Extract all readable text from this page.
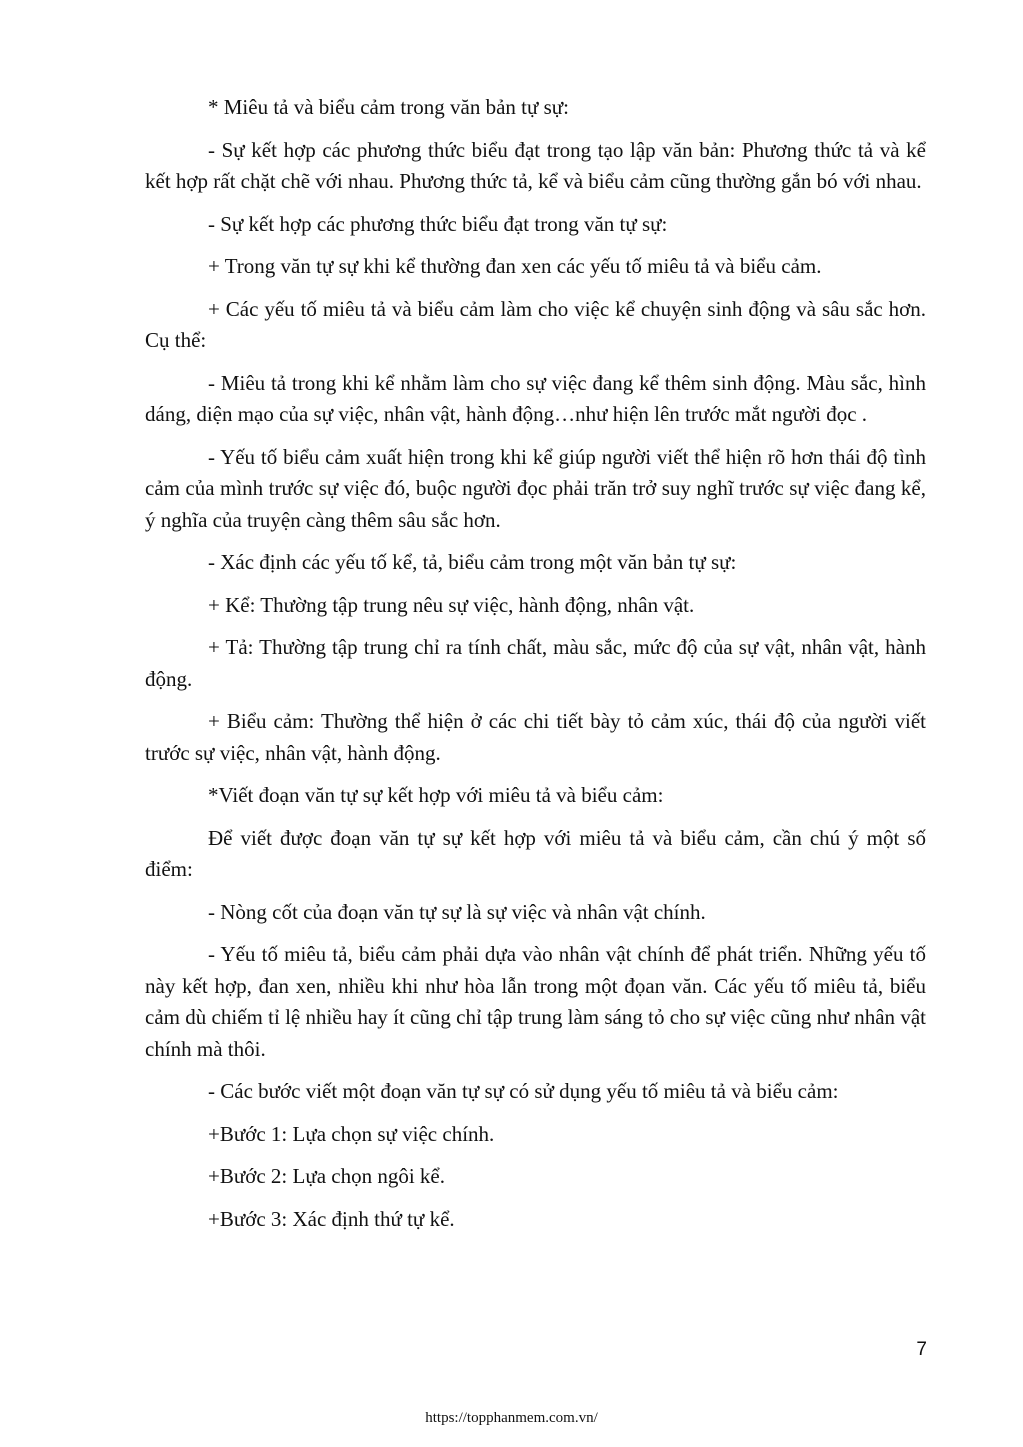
* Miêu tả và biểu cảm trong văn bản tự sự:

- Sự kết hợp các phương thức biểu đạt trong tạo lập văn bản: Phương thức tả và kể kết hợp rất chặt chẽ với nhau. Phương thức tả, kể và biểu cảm cũng thường gắn bó với nhau.

- Sự kết hợp các phương thức biểu đạt trong văn tự sự:

+ Trong văn tự sự khi kể thường đan xen các yếu tố miêu tả và biểu cảm.

+ Các yếu tố miêu tả và biểu cảm làm cho việc kể chuyện sinh động và sâu sắc hơn. Cụ thể:

- Miêu tả trong khi kể nhằm làm cho sự việc đang kể thêm sinh động. Màu sắc, hình dáng, diện mạo của sự việc, nhân vật, hành động…như hiện lên trước mắt người đọc .

- Yếu tố biểu cảm xuất hiện trong khi kể giúp người viết thể hiện rõ hơn thái độ tình cảm của mình trước sự việc đó, buộc người đọc phải trăn trở suy nghĩ trước sự việc đang kể, ý nghĩa của truyện càng thêm sâu sắc hơn.

- Xác định các yếu tố kể, tả, biểu cảm trong một văn bản tự sự:

+ Kể: Thường tập trung nêu sự việc, hành động, nhân vật.

+ Tả: Thường tập trung chỉ ra tính chất, màu sắc, mức độ của sự vật, nhân vật, hành động.

+ Biểu cảm: Thường thể hiện ở các chi tiết bày tỏ cảm xúc, thái độ của người viết trước sự việc, nhân vật, hành động.

*Viết đoạn văn tự sự kết hợp với miêu tả và biểu cảm:

Để viết được đoạn văn tự sự kết hợp với miêu tả và biểu cảm, cần chú ý một số điểm:

- Nòng cốt của đoạn văn tự sự là sự việc và nhân vật chính.

- Yếu tố miêu tả, biểu cảm phải dựa vào nhân vật chính để phát triển. Những yếu tố này kết hợp, đan xen, nhiều khi như hòa lẫn trong một đọan văn. Các yếu tố miêu tả, biểu cảm dù chiếm tỉ lệ nhiều hay ít cũng chỉ tập trung làm sáng tỏ cho sự việc cũng như nhân vật chính mà thôi.

- Các bước viết một đoạn văn tự sự có sử dụng yếu tố miêu tả và biểu cảm:

+Bước 1: Lựa chọn sự việc chính.

+Bước 2: Lựa chọn ngôi kể.

+Bước 3: Xác định thứ tự kể.

7
https://topphanmem.com.vn/
